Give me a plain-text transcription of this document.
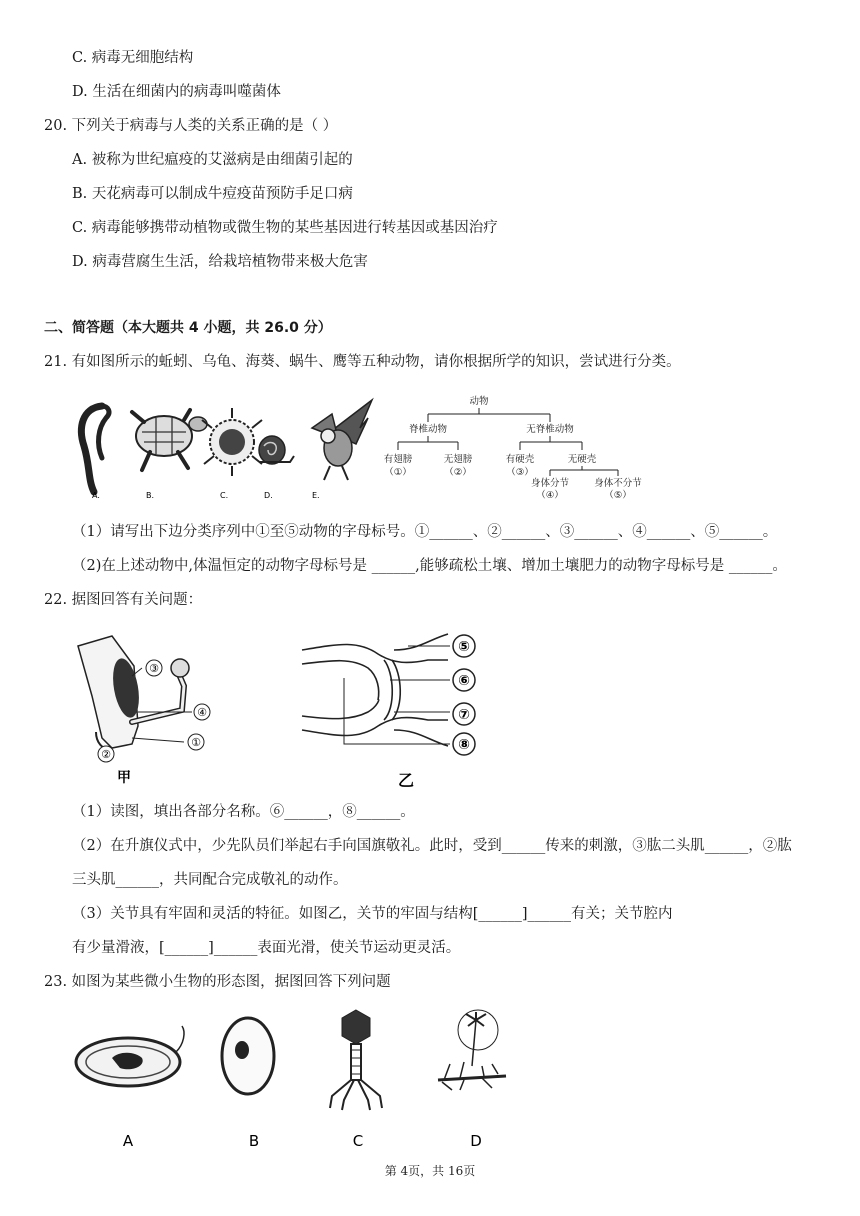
C. 病毒无细胞结构
D. 生活在细菌内的病毒叫噬菌体
20. 下列关于病毒与人类的关系正确的是（ ）
A. 被称为世纪瘟疫的艾滋病是由细菌引起的
B. 天花病毒可以制成牛痘疫苗预防手足口病
C. 病毒能够携带动植物或微生物的某些基因进行转基因或基因治疗
D. 病毒营腐生生活，给栽培植物带来极大危害
二、简答题（本大题共 4 小题，共 26.0 分）
21. 有如图所示的蚯蚓、乌龟、海葵、蜗牛、鹰等五种动物，请你根据所学的知识，尝试进行分类。
A.	B.	C.	D.	E.
动物
脊椎动物	无脊椎动物
有翅膀
（①）
无翅膀
（②）
有硬壳
（③）
无硬壳
身体分节
（④）
身体不分节
（⑤）
（1）请写出下边分类序列中①至⑤动物的字母标号。①______、②______、③______、④______、⑤______。
（2)在上述动物中,体温恒定的动物字母标号是 ______,能够疏松土壤、增加土壤肥力的动物字母标号是 ______。
22. 据图回答有关问题：
③
④
②
①
甲
⑤
⑥
⑦
⑧
乙
（1）读图，填出各部分名称。⑥______，⑧______。
（2）在升旗仪式中，少先队员们举起右手向国旗敬礼。此时，受到______传来的刺激，③肱二头肌______，②肱
三头肌______，共同配合完成敬礼的动作。
（3）关节具有牢固和灵活的特征。如图乙，关节的牢固与结构[______]______有关；关节腔内
有少量滑液，[______]______表面光滑，使关节运动更灵活。
23. 如图为某些微小生物的形态图，据图回答下列问题
A	B	C	D
第 4页，共 16页
